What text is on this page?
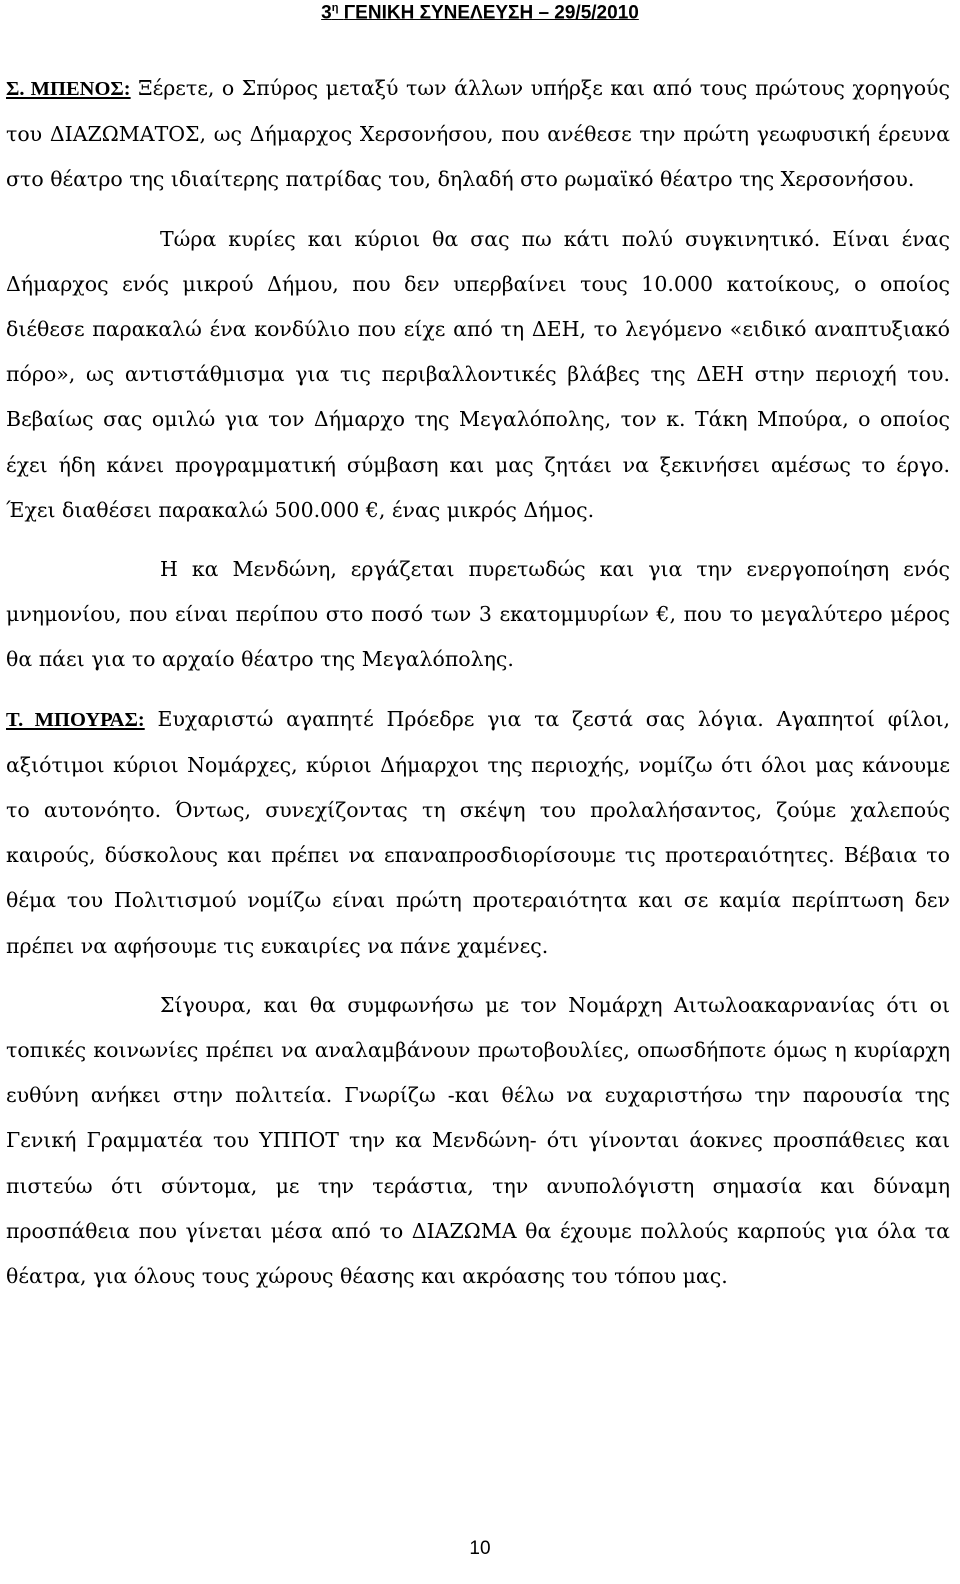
$3^\eta$ ΓΕΝΙΚΗ ΣΥΝΕΛΕΥΣΗ – 29/5/2010

Σ. ΜΠΕΝΟΣ: Ξέρετε, ο Σπύρος μεταξύ των άλλων υπήρξε και από τους πρώτους χορηγούς του ΔΙΑΖΩΜΑΤΟΣ, ως Δήμαρχος Χερσονήσου, που ανέθεσε την πρώτη γεωφυσική έρευνα στο θέατρο της ιδιαίτερης πατρίδας του, δηλαδή στο ρωμαϊκό θέατρο της Χερσονήσου.

Τώρα κυρίες και κύριοι θα σας πω κάτι πολύ συγκινητικό. Είναι ένας Δήμαρχος ενός μικρού Δήμου, που δεν υπερβαίνει τους 10.000 κατοίκους, ο οποίος διέθεσε παρακαλώ ένα κονδύλιο που είχε από τη ΔΕΗ, το λεγόμενο «ειδικό αναπτυξιακό πόρο», ως αντιστάθμισμα για τις περιβαλλοντικές βλάβες της ΔΕΗ στην περιοχή του. Βεβαίως σας ομιλώ για τον Δήμαρχο της Μεγαλόπολης, τον κ. Τάκη Μπούρα, ο οποίος έχει ήδη κάνει προγραμματική σύμβαση και μας ζητάει να ξεκινήσει αμέσως το έργο. Έχει διαθέσει παρακαλώ 500.000 €, ένας μικρός Δήμος.

Η κα Μενδώνη, εργάζεται πυρετωδώς και για την ενεργοποίηση ενός μνημονίου, που είναι περίπου στο ποσό των 3 εκατομμυρίων €, που το μεγαλύτερο μέρος θα πάει για το αρχαίο θέατρο της Μεγαλόπολης.

Τ. ΜΠΟΥΡΑΣ: Ευχαριστώ αγαπητέ Πρόεδρε για τα ζεστά σας λόγια. Αγαπητοί φίλοι, αξιότιμοι κύριοι Νομάρχες, κύριοι Δήμαρχοι της περιοχής, νομίζω ότι όλοι μας κάνουμε το αυτονόητο. Όντως, συνεχίζοντας τη σκέψη του προλαλήσαντος, ζούμε χαλεπούς καιρούς, δύσκολους και πρέπει να επαναπροσδιορίσουμε τις προτεραιότητες. Βέβαια το θέμα του Πολιτισμού νομίζω είναι πρώτη προτεραιότητα και σε καμία περίπτωση δεν πρέπει να αφήσουμε τις ευκαιρίες να πάνε χαμένες.

Σίγουρα, και θα συμφωνήσω με τον Νομάρχη Αιτωλοακαρνανίας ότι οι τοπικές κοινωνίες πρέπει να αναλαμβάνουν πρωτοβουλίες, οπωσδήποτε όμως η κυρίαρχη ευθύνη ανήκει στην πολιτεία. Γνωρίζω -και θέλω να ευχαριστήσω την παρουσία της Γενική Γραμματέα του ΥΠΠΟΤ την κα Μενδώνη- ότι γίνονται άοκνες προσπάθειες και πιστεύω ότι σύντομα, με την τεράστια, την ανυπολόγιστη σημασία και δύναμη προσπάθεια που γίνεται μέσα από το ΔΙΑΖΩΜΑ θα έχουμε πολλούς καρπούς για όλα τα θέατρα, για όλους τους χώρους θέασης και ακρόασης του τόπου μας.

10
